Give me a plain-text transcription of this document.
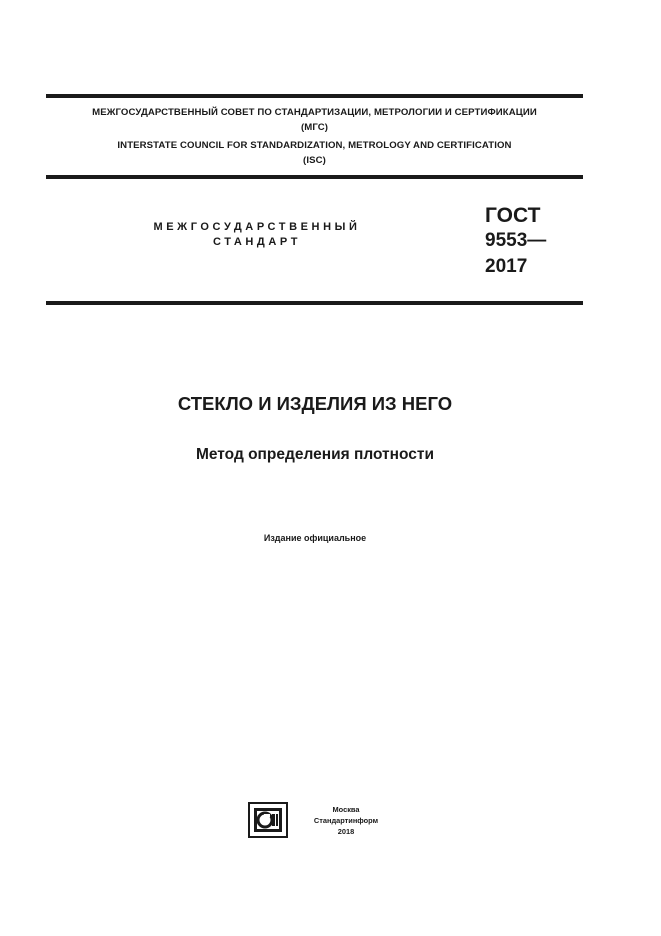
МЕЖГОСУДАРСТВЕННЫЙ СОВЕТ ПО СТАНДАРТИЗАЦИИ, МЕТРОЛОГИИ И СЕРТИФИКАЦИИ
(МГС)
INTERSTATE COUNCIL FOR STANDARDIZATION, METROLOGY AND CERTIFICATION
(ISC)
МЕЖГОСУДАРСТВЕННЫЙ
СТАНДАРТ
ГОСТ
9553—
2017
СТЕКЛО И ИЗДЕЛИЯ ИЗ НЕГО
Метод определения плотности
Издание официальное
Москва
Стандартинформ
2018
